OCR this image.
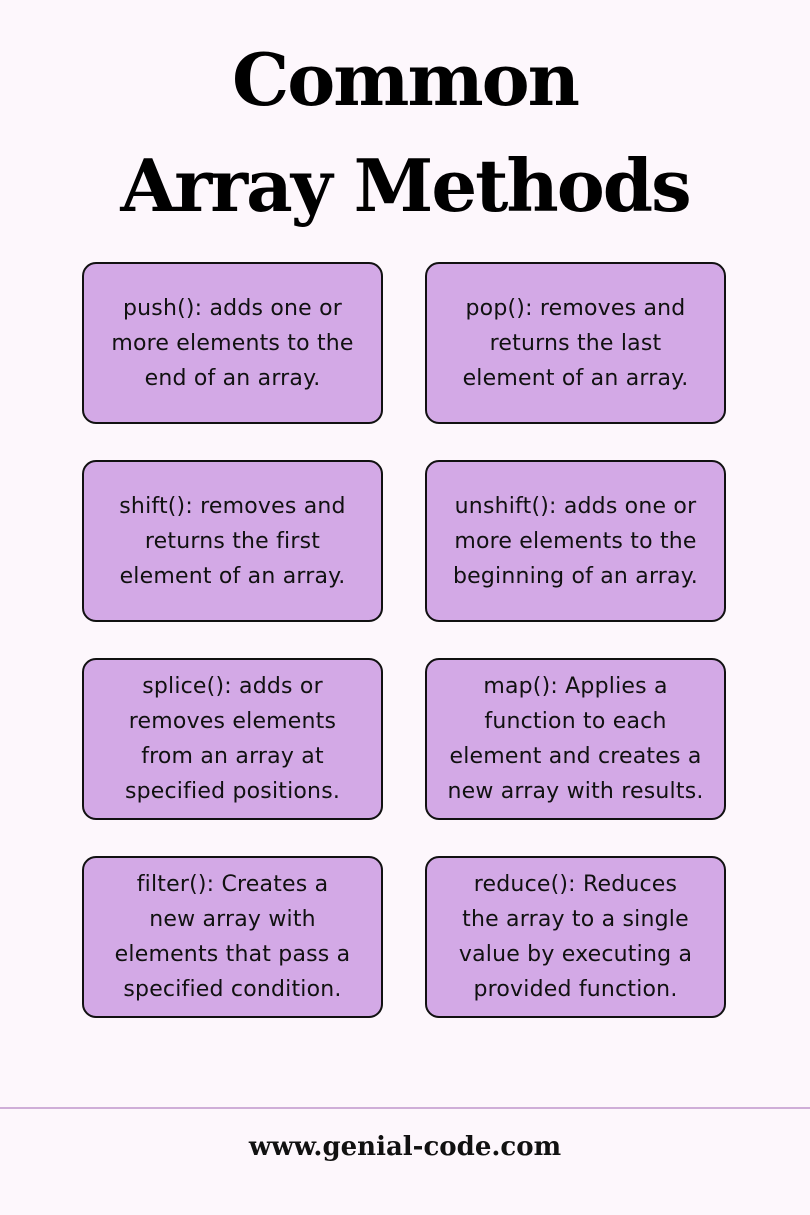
Common
Array Methods
push(): adds one or
more elements to the
end of an array.
pop(): removes and
returns the last
element of an array.
shift(): removes and
returns the first
element of an array.
unshift(): adds one or
more elements to the
beginning of an array.
splice(): adds or
removes elements
from an array at
specified positions.
map(): Applies a
function to each
element and creates a
new array with results.
filter(): Creates a
new array with
elements that pass a
specified condition.
reduce(): Reduces
the array to a single
value by executing a
provided function.
www.genial-code.com
